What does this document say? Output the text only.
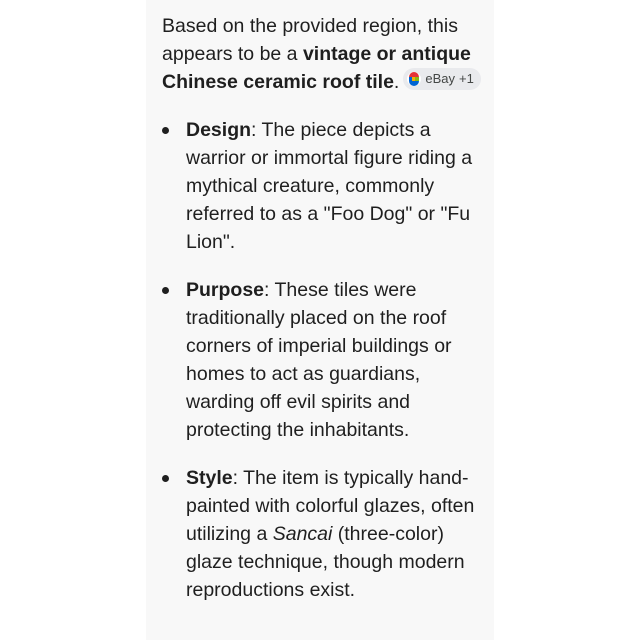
Based on the provided region, this appears to be a vintage or antique Chinese ceramic roof tile. eBay +1

Design: The piece depicts a warrior or immortal figure riding a mythical creature, commonly referred to as a "Foo Dog" or "Fu Lion".
Purpose: These tiles were traditionally placed on the roof corners of imperial buildings or homes to act as guardians, warding off evil spirits and protecting the inhabitants.
Style: The item is typically hand-painted with colorful glazes, often utilizing a Sancai (three-color) glaze technique, though modern reproductions exist.
